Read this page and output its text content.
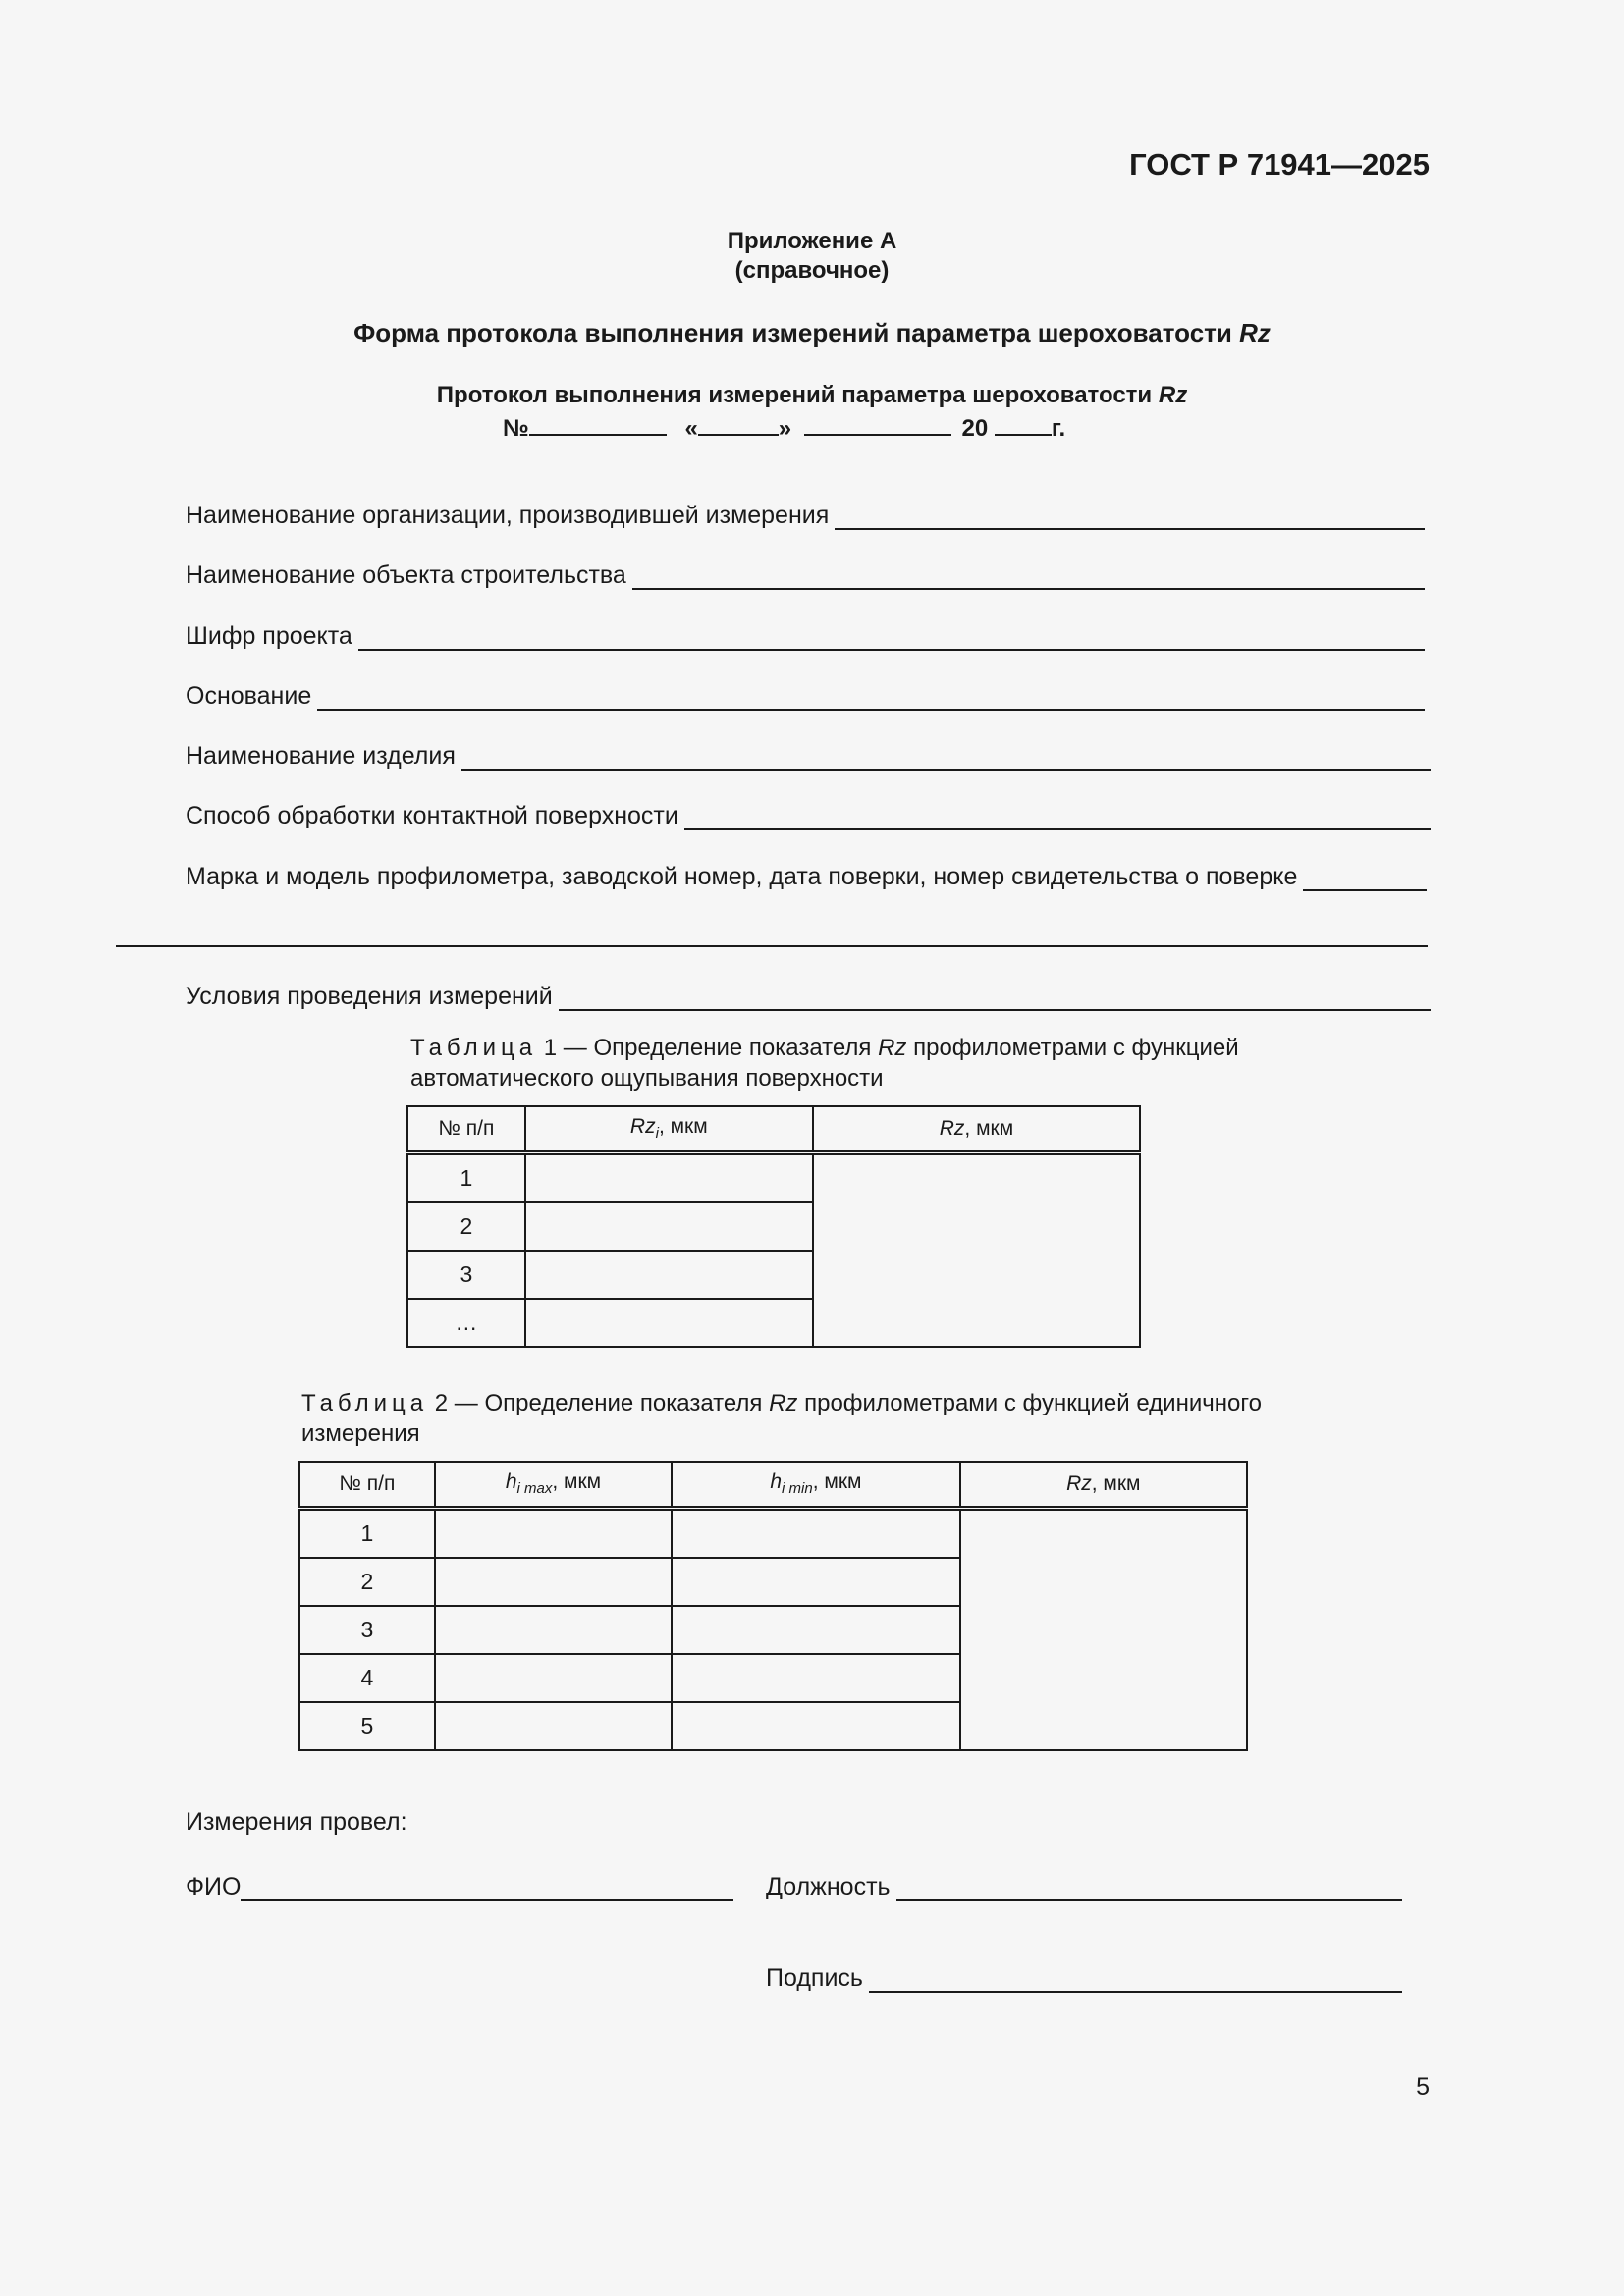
ГОСТ Р 71941—2025
Приложение А
(справочное)
Форма протокола выполнения измерений параметра шероховатости Rz
Протокол выполнения измерений параметра шероховатости Rz
№	«	»	20	г.
Наименование организации, производившей измерения
Наименование объекта строительства
Шифр проекта
Основание
Наименование изделия
Способ обработки контактной поверхности
Марка и модель профилометра, заводской номер, дата поверки, номер свидетельства о поверке
Условия проведения измерений
Таблица 1 — Определение показателя Rz профилометрами с функцией
автоматического ощупывания поверхности
№ п/п	$Rz_i$, мкм	Rz, мкм
1		
2		
3		
…		
Таблица 2 — Определение показателя Rz профилометрами с функцией единичного
измерения
№ п/п	$h_{i max}$, мкм	$h_{i min}$, мкм	Rz, мкм
1			
2			
3			
4			
5			
Измерения провел:
ФИО	Должность
Подпись
5
